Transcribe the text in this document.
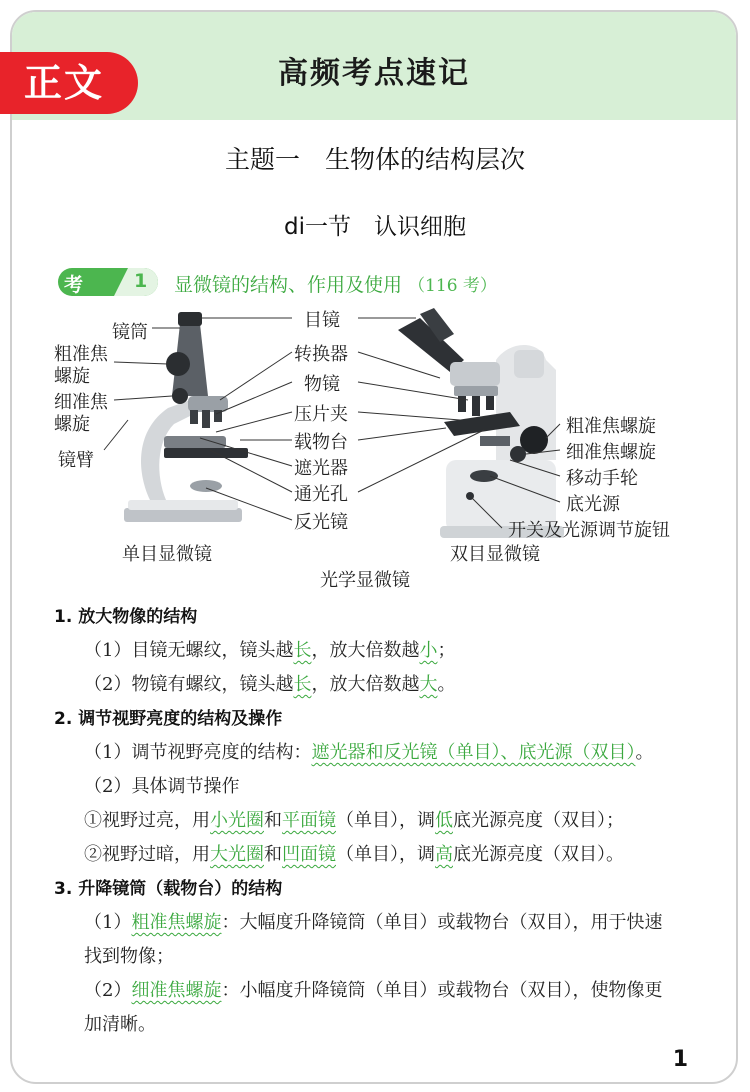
高频考点速记
正文
主题一　生物体的结构层次
di一节　认识细胞
考点
1 显微镜的结构、作用及使用 （116 考）
镜筒
粗准焦
螺旋
细准焦
螺旋
镜臂
目镜
转换器
物镜
压片夹
载物台
遮光器
通光孔
反光镜
粗准焦螺旋
细准焦螺旋
移动手轮
底光源
开关及光源调节旋钮
单目显微镜	双目显微镜
光学显微镜
1. 放大物像的结构
（1）目镜无螺纹，镜头越长，放大倍数越小；
（2）物镜有螺纹，镜头越长，放大倍数越大。
2. 调节视野亮度的结构及操作
（1）调节视野亮度的结构：遮光器和反光镜（单目）、底光源（双目）。
（2）具体调节操作
①视野过亮，用小光圈和平面镜（单目），调低底光源亮度（双目）；
②视野过暗，用大光圈和凹面镜（单目），调高底光源亮度（双目）。
3. 升降镜筒（载物台）的结构
（1）粗准焦螺旋：大幅度升降镜筒（单目）或载物台（双目），用于快速
找到物像；
（2）细准焦螺旋：小幅度升降镜筒（单目）或载物台（双目），使物像更
加清晰。
1
